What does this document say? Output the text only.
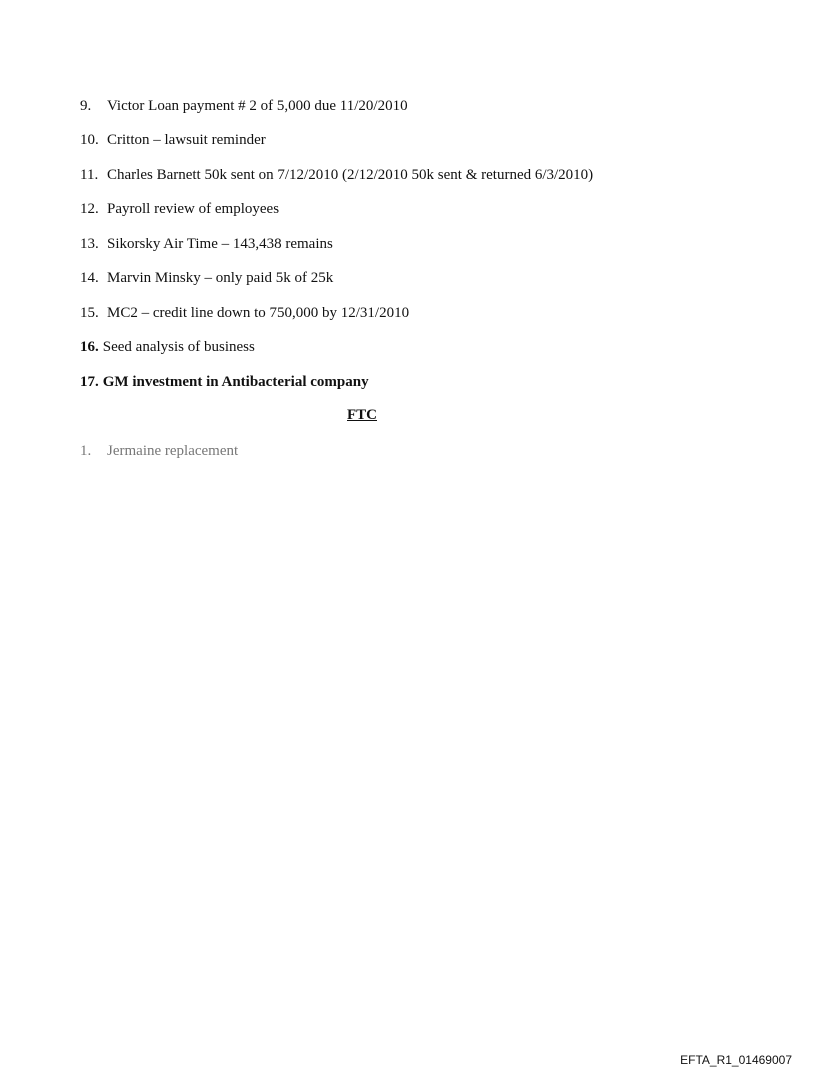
9. Victor Loan payment # 2 of 5,000 due 11/20/2010
10. Critton – lawsuit reminder
11. Charles Barnett 50k sent on 7/12/2010 (2/12/2010 50k sent & returned 6/3/2010)
12. Payroll review of employees
13. Sikorsky Air Time – 143,438 remains
14. Marvin Minsky – only paid 5k of 25k
15. MC2 – credit line down to 750,000 by 12/31/2010
16. Seed analysis of business
17. GM investment in Antibacterial company
FTC
1. Jermaine replacement
EFTA_R1_01469007
